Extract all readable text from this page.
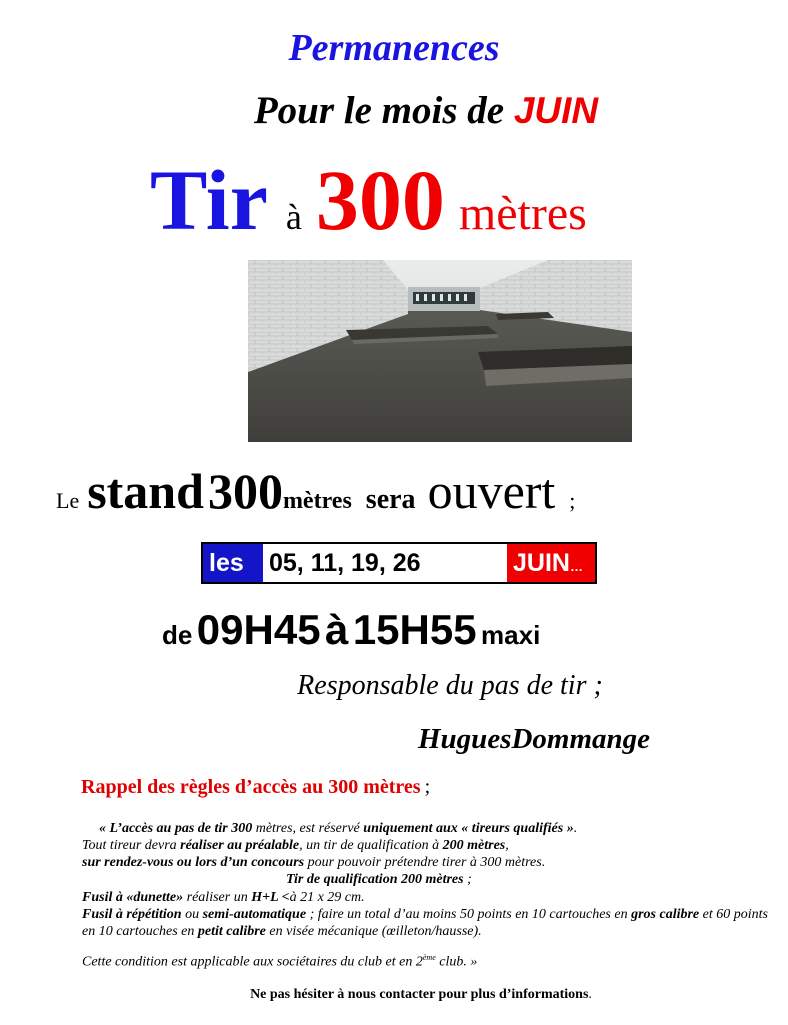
Permanences
Pour le mois de JUIN
Tir à 300 mètres
Le stand 300mètres sera ouvert ;
les	05, 11, 19, 26	JUIN…
de 09H45 à 15H55 maxi
Responsable du pas de tir ;
HuguesDommange
Rappel des règles d’accès au 300 mètres ;
« L’accès au pas de tir 300 mètres, est réservé uniquement aux « tireurs qualifiés ».
Tout tireur devra réaliser au préalable, un tir de qualification à 200 mètres,
sur rendez-vous ou lors d’un concours pour pouvoir prétendre tirer à 300 mètres.
Tir de qualification 200 mètres ;
Fusil à «dunette» réaliser un H+L <à 21 x 29 cm.
Fusil à répétition ou semi-automatique ; faire un total d’au moins 50 points en 10 cartouches en gros calibre et 60 points en 10 cartouches en petit calibre en visée mécanique (œilleton/hausse).
Cette condition est applicable aux sociétaires du club et en 2ème club. »
Ne pas hésiter à nous contacter pour plus d’informations.
